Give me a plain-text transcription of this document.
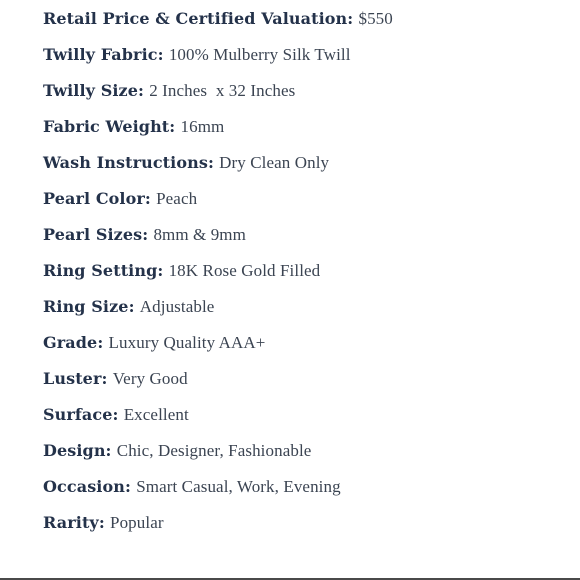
Retail Price & Certified Valuation: $550
Twilly Fabric: 100% Mulberry Silk Twill
Twilly Size: 2 Inches  x 32 Inches
Fabric Weight: 16mm
Wash Instructions: Dry Clean Only
Pearl Color: Peach
Pearl Sizes: 8mm & 9mm
Ring Setting: 18K Rose Gold Filled
Ring Size: Adjustable
Grade: Luxury Quality AAA+
Luster: Very Good
Surface: Excellent
Design: Chic, Designer, Fashionable
Occasion: Smart Casual, Work, Evening
Rarity: Popular
